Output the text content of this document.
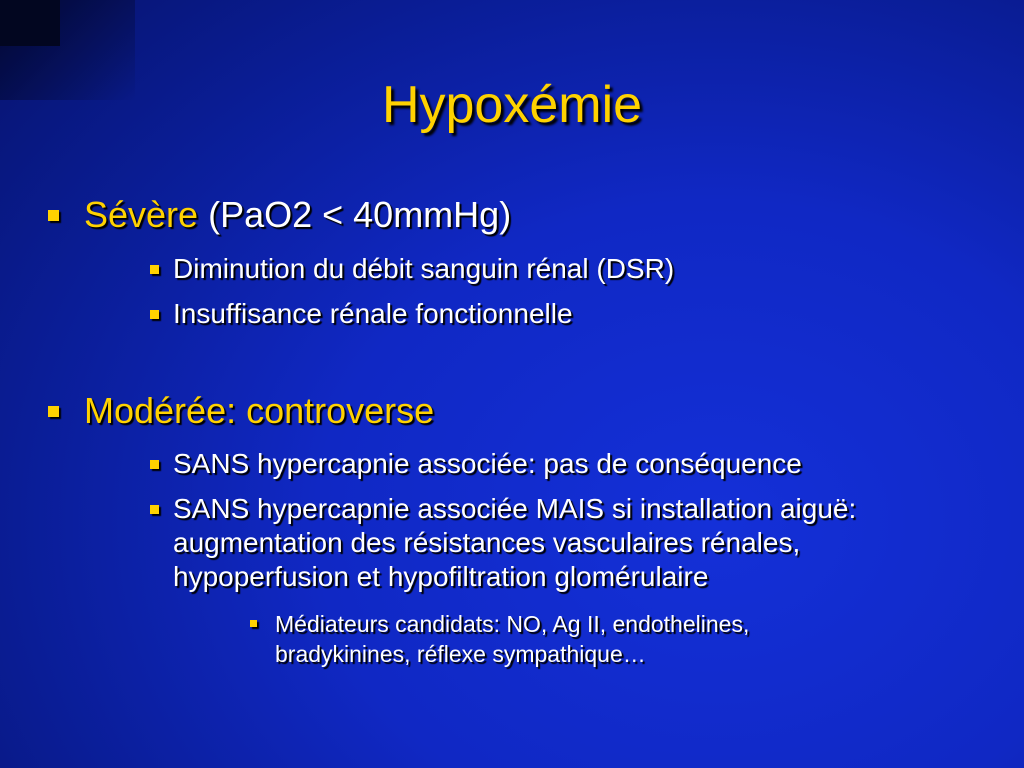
Hypoxémie
Sévère (PaO2 < 40mmHg)
Diminution du débit sanguin rénal (DSR)
Insuffisance rénale fonctionnelle
Modérée: controverse
SANS hypercapnie associée: pas de conséquence
SANS hypercapnie associée MAIS si installation aiguë: augmentation des résistances vasculaires rénales, hypoperfusion et hypofiltration glomérulaire
Médiateurs candidats: NO, Ag II, endothelines, bradykinines, réflexe sympathique…
